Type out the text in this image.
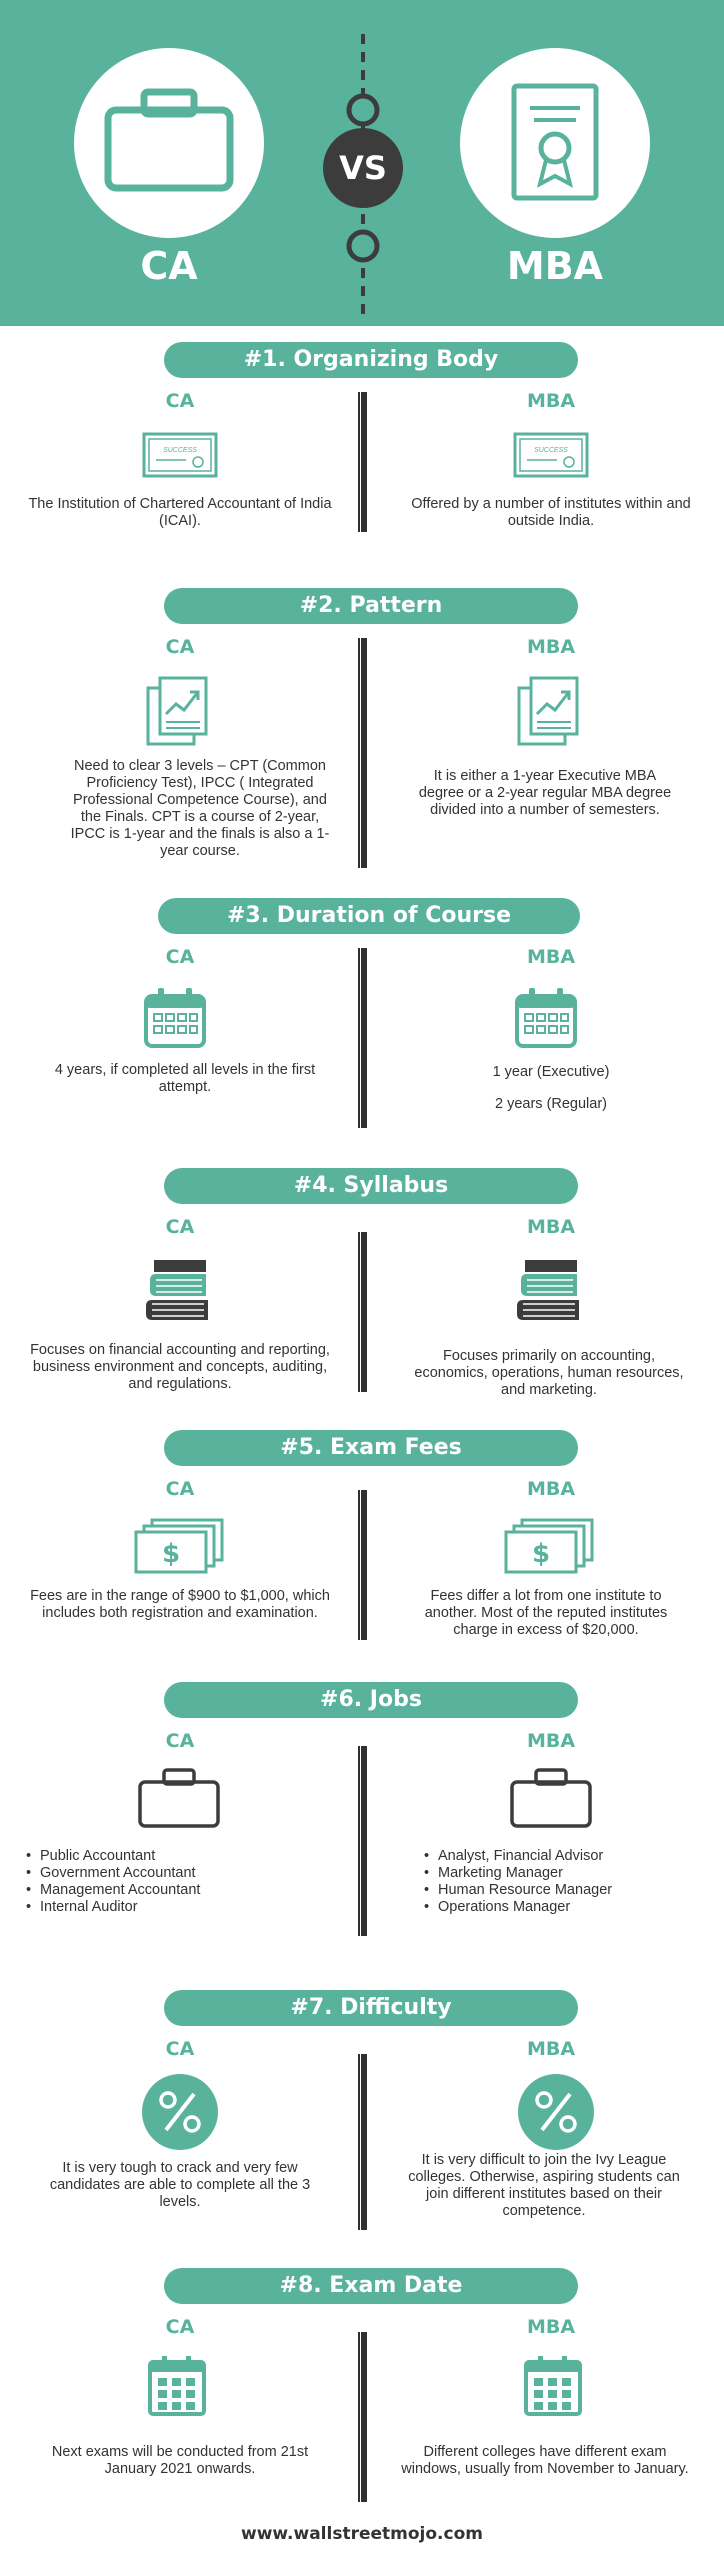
VS
CA	MBA
#1. Organizing Body
CA	MBA
SUCCESS	SUCCESS
The Institution of Chartered Accountant of India (ICAI).
Offered by a number of institutes within and outside India.
#2. Pattern
CA	MBA
Need to clear 3 levels – CPT (Common Proficiency Test), IPCC ( Integrated Professional Competence Course), and the Finals. CPT is a course of 2-year, IPCC is 1-year and the finals is also a 1-year course.
It is either a 1-year Executive MBA degree or a 2-year regular MBA degree divided into a number of semesters.
#3. Duration of Course
CA	MBA
4 years, if completed all levels in the first attempt.
1 year (Executive)
2 years (Regular)
#4. Syllabus
CA	MBA
Focuses on financial accounting and reporting, business environment and concepts, auditing, and regulations.
Focuses primarily on accounting, economics, operations, human resources, and marketing.
#5. Exam Fees
CA	MBA
$	$
Fees are in the range of $900 to $1,000, which includes both registration and examination.
Fees differ a lot from one institute to another. Most of the reputed institutes charge in excess of $20,000.
#6. Jobs
CA	MBA
• Public Accountant
• Government Accountant
• Management Accountant
• Internal Auditor
• Analyst, Financial Advisor
• Marketing Manager
• Human Resource Manager
• Operations Manager
#7. Difficulty
CA	MBA
It is very tough to crack and very few candidates are able to complete all the 3 levels.
It is very difficult to join the Ivy League colleges. Otherwise, aspiring students can join different institutes based on their competence.
#8. Exam Date
CA	MBA
Next exams will be conducted from 21st January 2021 onwards.
Different colleges have different exam windows, usually from November to January.
www.wallstreetmojo.com
